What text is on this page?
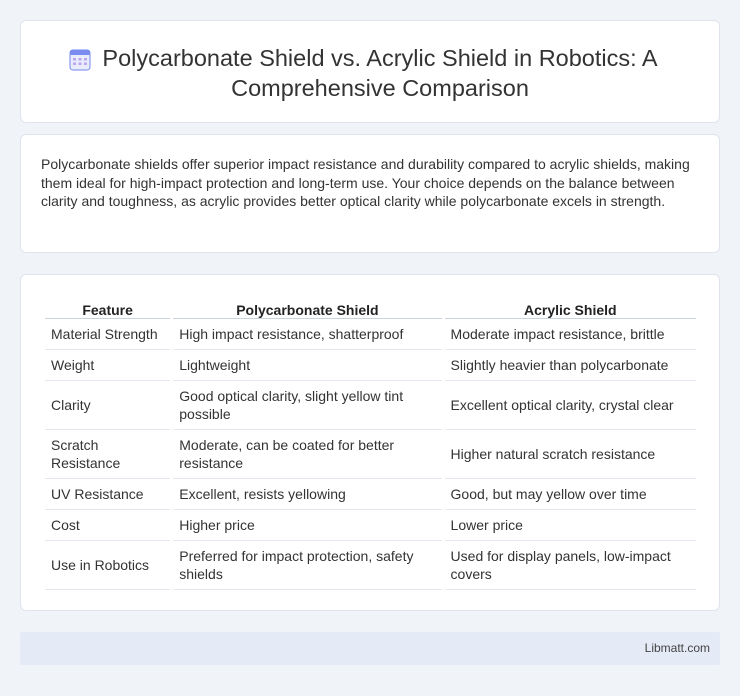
Polycarbonate Shield vs. Acrylic Shield in Robotics: A Comprehensive Comparison

Polycarbonate shields offer superior impact resistance and durability compared to acrylic shields, making them ideal for high-impact protection and long-term use. Your choice depends on the balance between clarity and toughness, as acrylic provides better optical clarity while polycarbonate excels in strength.

Feature	Polycarbonate Shield	Acrylic Shield
Material Strength	High impact resistance, shatterproof	Moderate impact resistance, brittle
Weight	Lightweight	Slightly heavier than polycarbonate
Clarity	Good optical clarity, slight yellow tint possible	Excellent optical clarity, crystal clear
Scratch Resistance	Moderate, can be coated for better resistance	Higher natural scratch resistance
UV Resistance	Excellent, resists yellowing	Good, but may yellow over time
Cost	Higher price	Lower price
Use in Robotics	Preferred for impact protection, safety shields	Used for display panels, low-impact covers
Libmatt.com
